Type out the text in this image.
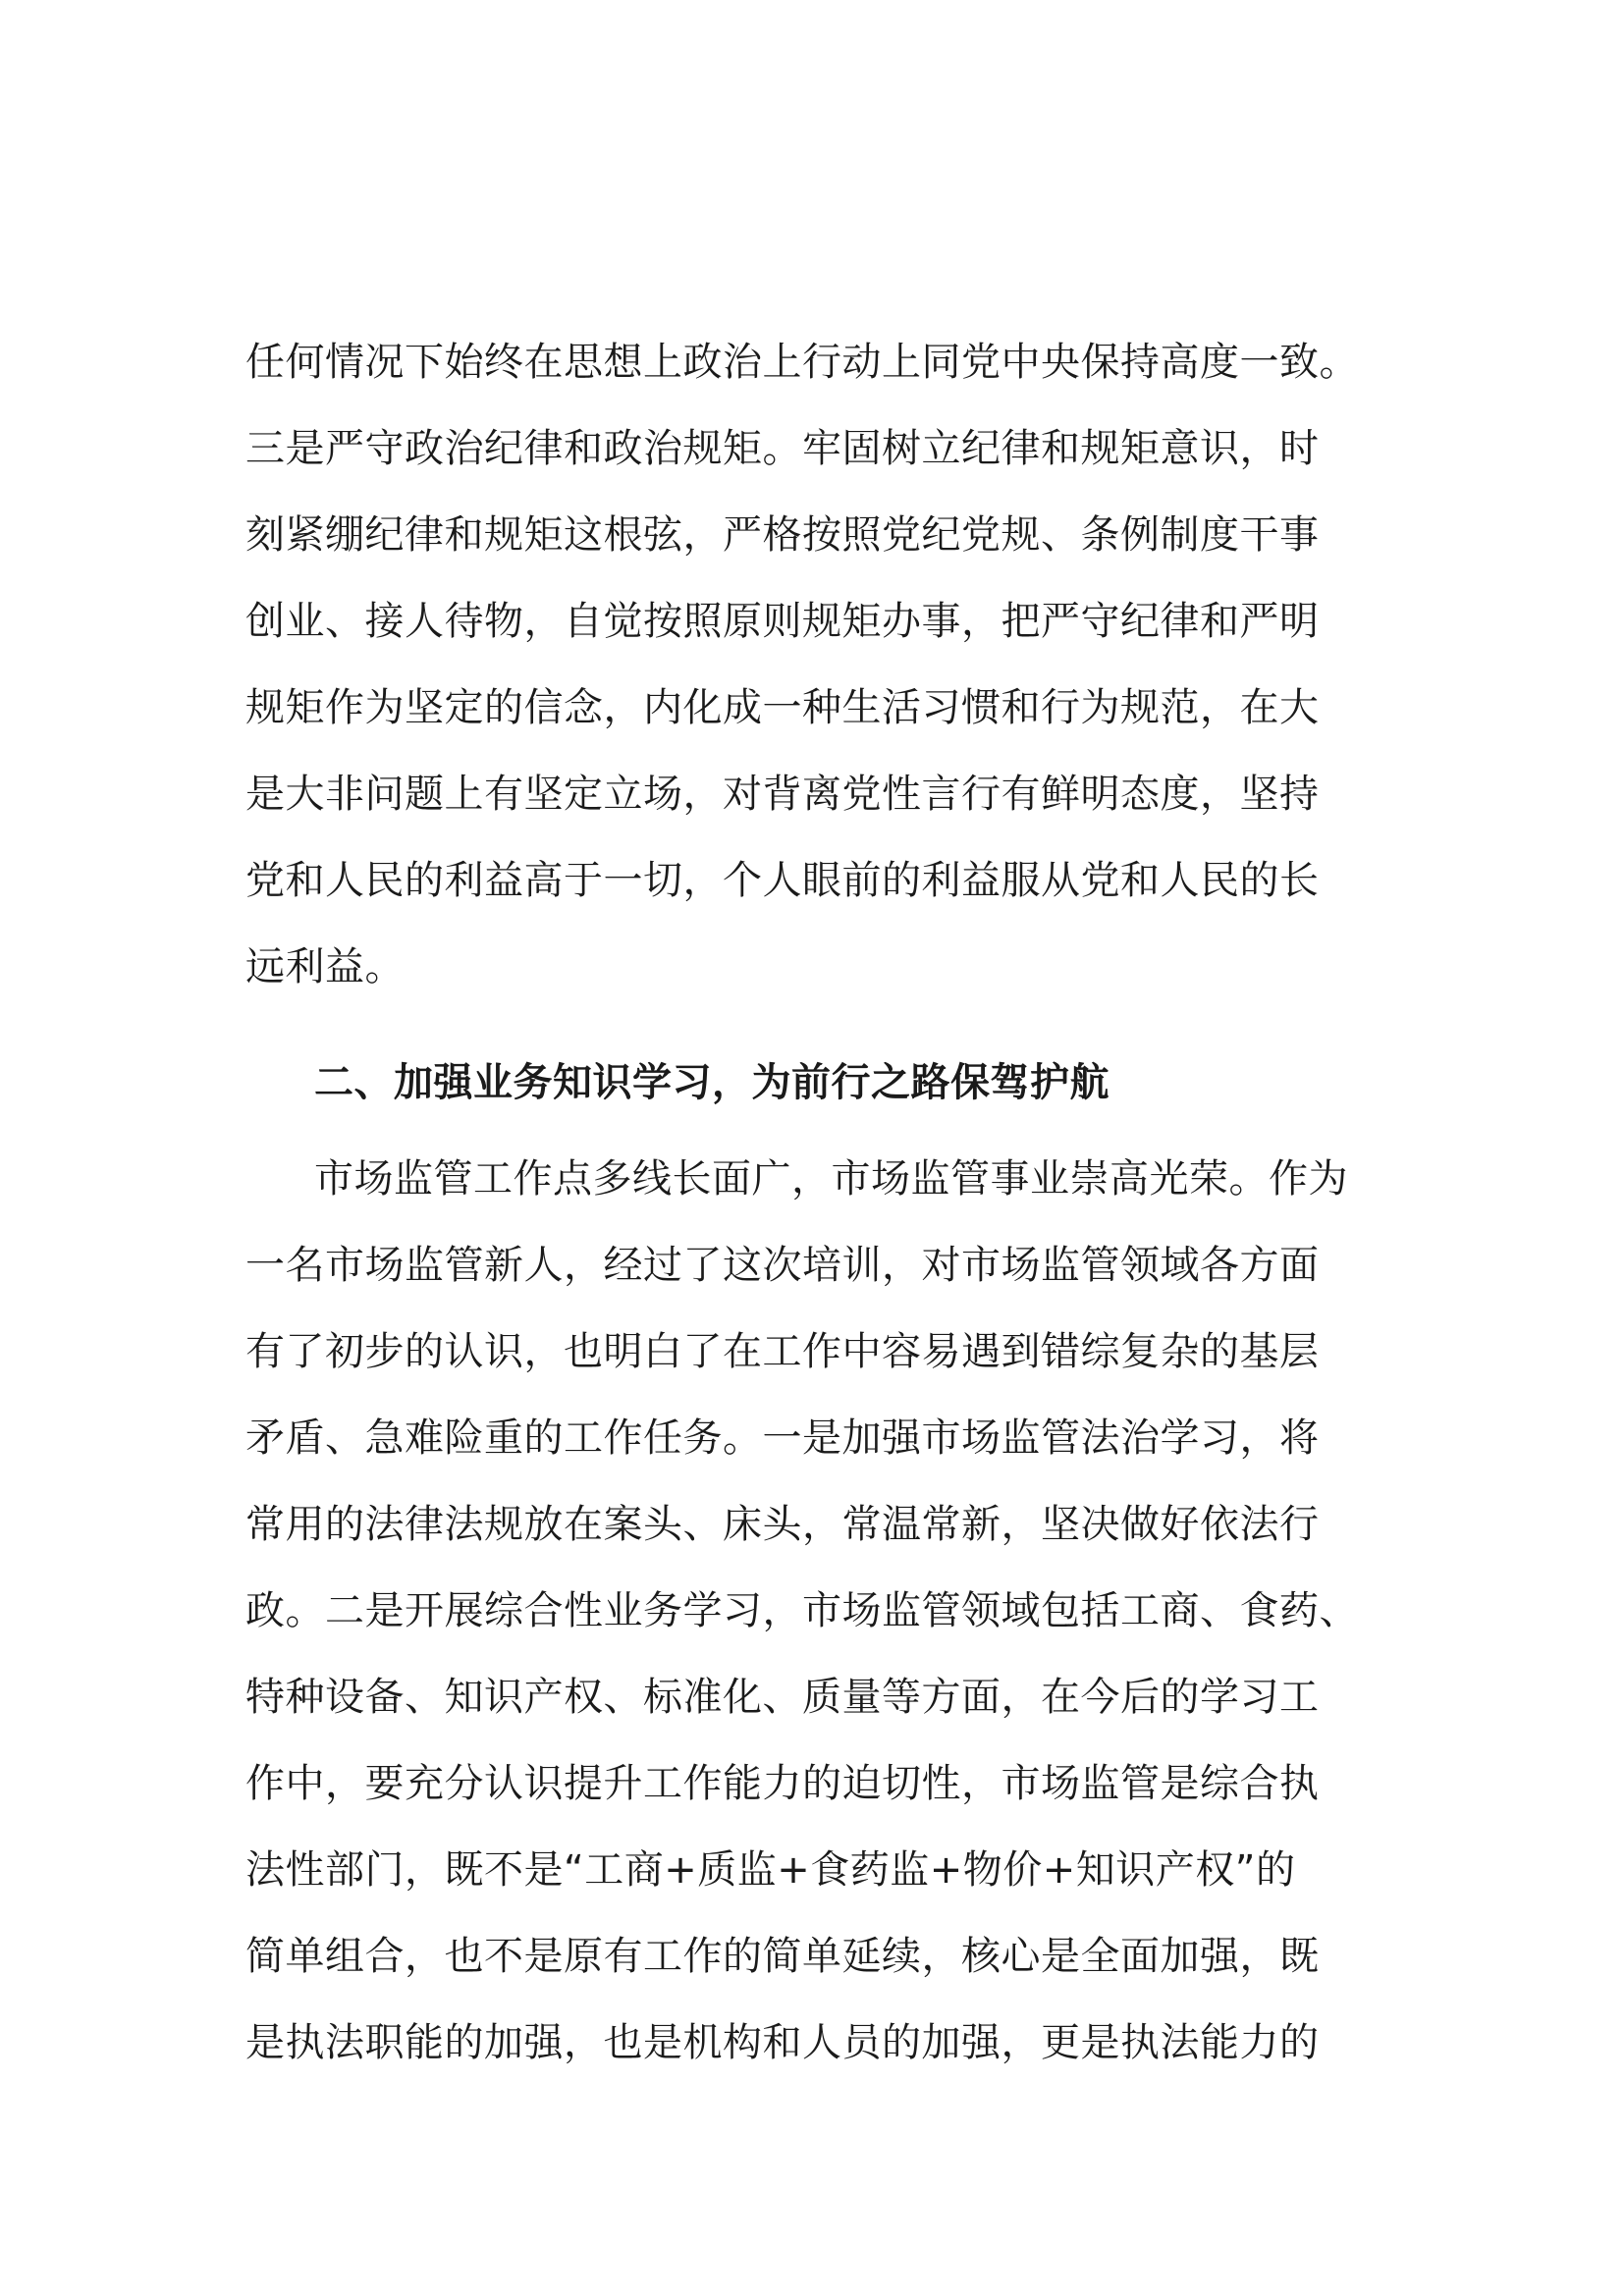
任何情况下始终在思想上政治上行动上同党中央保持高度一致。
三是严守政治纪律和政治规矩。牢固树立纪律和规矩意识，时
刻紧绷纪律和规矩这根弦，严格按照党纪党规、条例制度干事
创业、接人待物，自觉按照原则规矩办事，把严守纪律和严明
规矩作为坚定的信念，内化成一种生活习惯和行为规范，在大
是大非问题上有坚定立场，对背离党性言行有鲜明态度，坚持
党和人民的利益高于一切，个人眼前的利益服从党和人民的长
远利益。
二、加强业务知识学习，为前行之路保驾护航
市场监管工作点多线长面广，市场监管事业崇高光荣。作为
一名市场监管新人，经过了这次培训，对市场监管领域各方面
有了初步的认识，也明白了在工作中容易遇到错综复杂的基层
矛盾、急难险重的工作任务。一是加强市场监管法治学习，将
常用的法律法规放在案头、床头，常温常新，坚决做好依法行
政。二是开展综合性业务学习，市场监管领域包括工商、食药、
特种设备、知识产权、标准化、质量等方面，在今后的学习工
作中，要充分认识提升工作能力的迫切性，市场监管是综合执
法性部门，既不是“工商+质监+食药监+物价+知识产权”的
简单组合，也不是原有工作的简单延续，核心是全面加强，既
是执法职能的加强，也是机构和人员的加强，更是执法能力的
